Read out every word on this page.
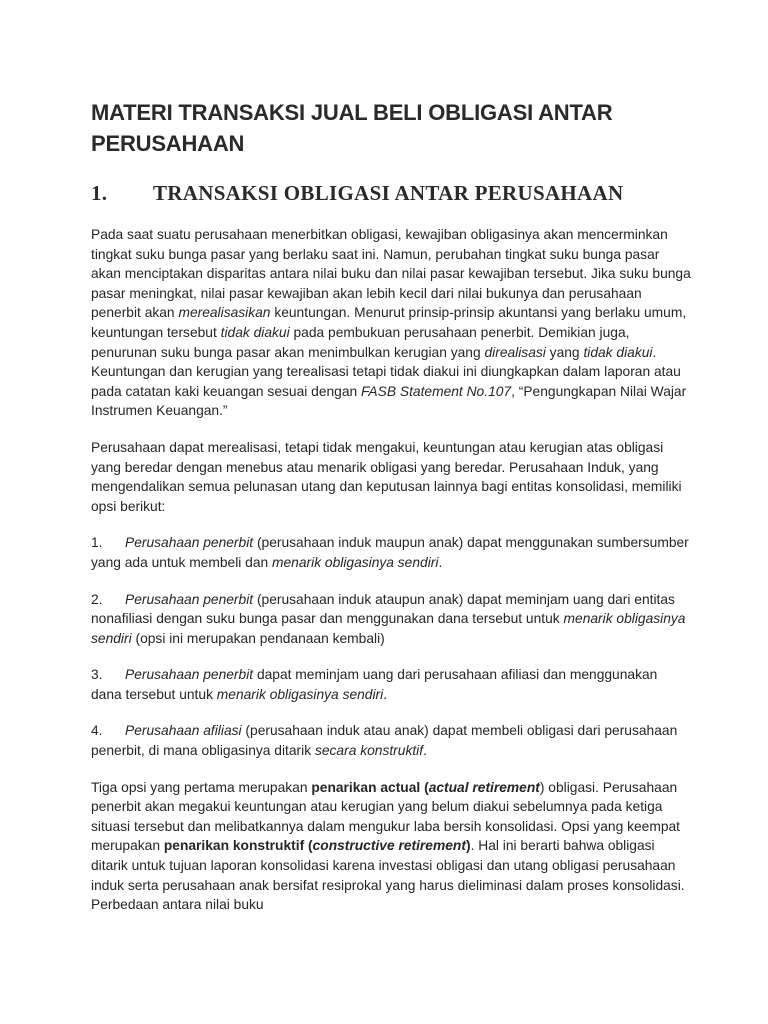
MATERI TRANSAKSI JUAL BELI OBLIGASI ANTAR PERUSAHAAN
1. TRANSAKSI OBLIGASI ANTAR PERUSAHAAN

Pada saat suatu perusahaan menerbitkan obligasi, kewajiban obligasinya akan mencerminkan tingkat suku bunga pasar yang berlaku saat ini. Namun, perubahan tingkat suku bunga pasar akan menciptakan disparitas antara nilai buku dan nilai pasar kewajiban tersebut. Jika suku bunga pasar meningkat, nilai pasar kewajiban akan lebih kecil dari nilai bukunya dan perusahaan penerbit akan merealisasikan keuntungan. Menurut prinsip-prinsip akuntansi yang berlaku umum, keuntungan tersebut tidak diakui pada pembukuan perusahaan penerbit. Demikian juga, penurunan suku bunga pasar akan menimbulkan kerugian yang direalisasi yang tidak diakui. Keuntungan dan kerugian yang terealisasi tetapi tidak diakui ini diungkapkan dalam laporan atau pada catatan kaki keuangan sesuai dengan FASB Statement No.107, “Pengungkapan Nilai Wajar Instrumen Keuangan.”

Perusahaan dapat merealisasi, tetapi tidak mengakui, keuntungan atau kerugian atas obligasi yang beredar dengan menebus atau menarik obligasi yang beredar. Perusahaan Induk, yang mengendalikan semua pelunasan utang dan keputusan lainnya bagi entitas konsolidasi, memiliki opsi berikut:

1. Perusahaan penerbit (perusahaan induk maupun anak) dapat menggunakan sumbersumber yang ada untuk membeli dan menarik obligasinya sendiri.

2. Perusahaan penerbit (perusahaan induk ataupun anak) dapat meminjam uang dari entitas nonafiliasi dengan suku bunga pasar dan menggunakan dana tersebut untuk menarik obligasinya sendiri (opsi ini merupakan pendanaan kembali)

3. Perusahaan penerbit dapat meminjam uang dari perusahaan afiliasi dan menggunakan dana tersebut untuk menarik obligasinya sendiri.

4. Perusahaan afiliasi (perusahaan induk atau anak) dapat membeli obligasi dari perusahaan penerbit, di mana obligasinya ditarik secara konstruktif.

Tiga opsi yang pertama merupakan penarikan actual (actual retirement) obligasi. Perusahaan penerbit akan megakui keuntungan atau kerugian yang belum diakui sebelumnya pada ketiga situasi tersebut dan melibatkannya dalam mengukur laba bersih konsolidasi. Opsi yang keempat merupakan penarikan konstruktif (constructive retirement). Hal ini berarti bahwa obligasi ditarik untuk tujuan laporan konsolidasi karena investasi obligasi dan utang obligasi perusahaan induk serta perusahaan anak bersifat resiprokal yang harus dieliminasi dalam proses konsolidasi. Perbedaan antara nilai buku
